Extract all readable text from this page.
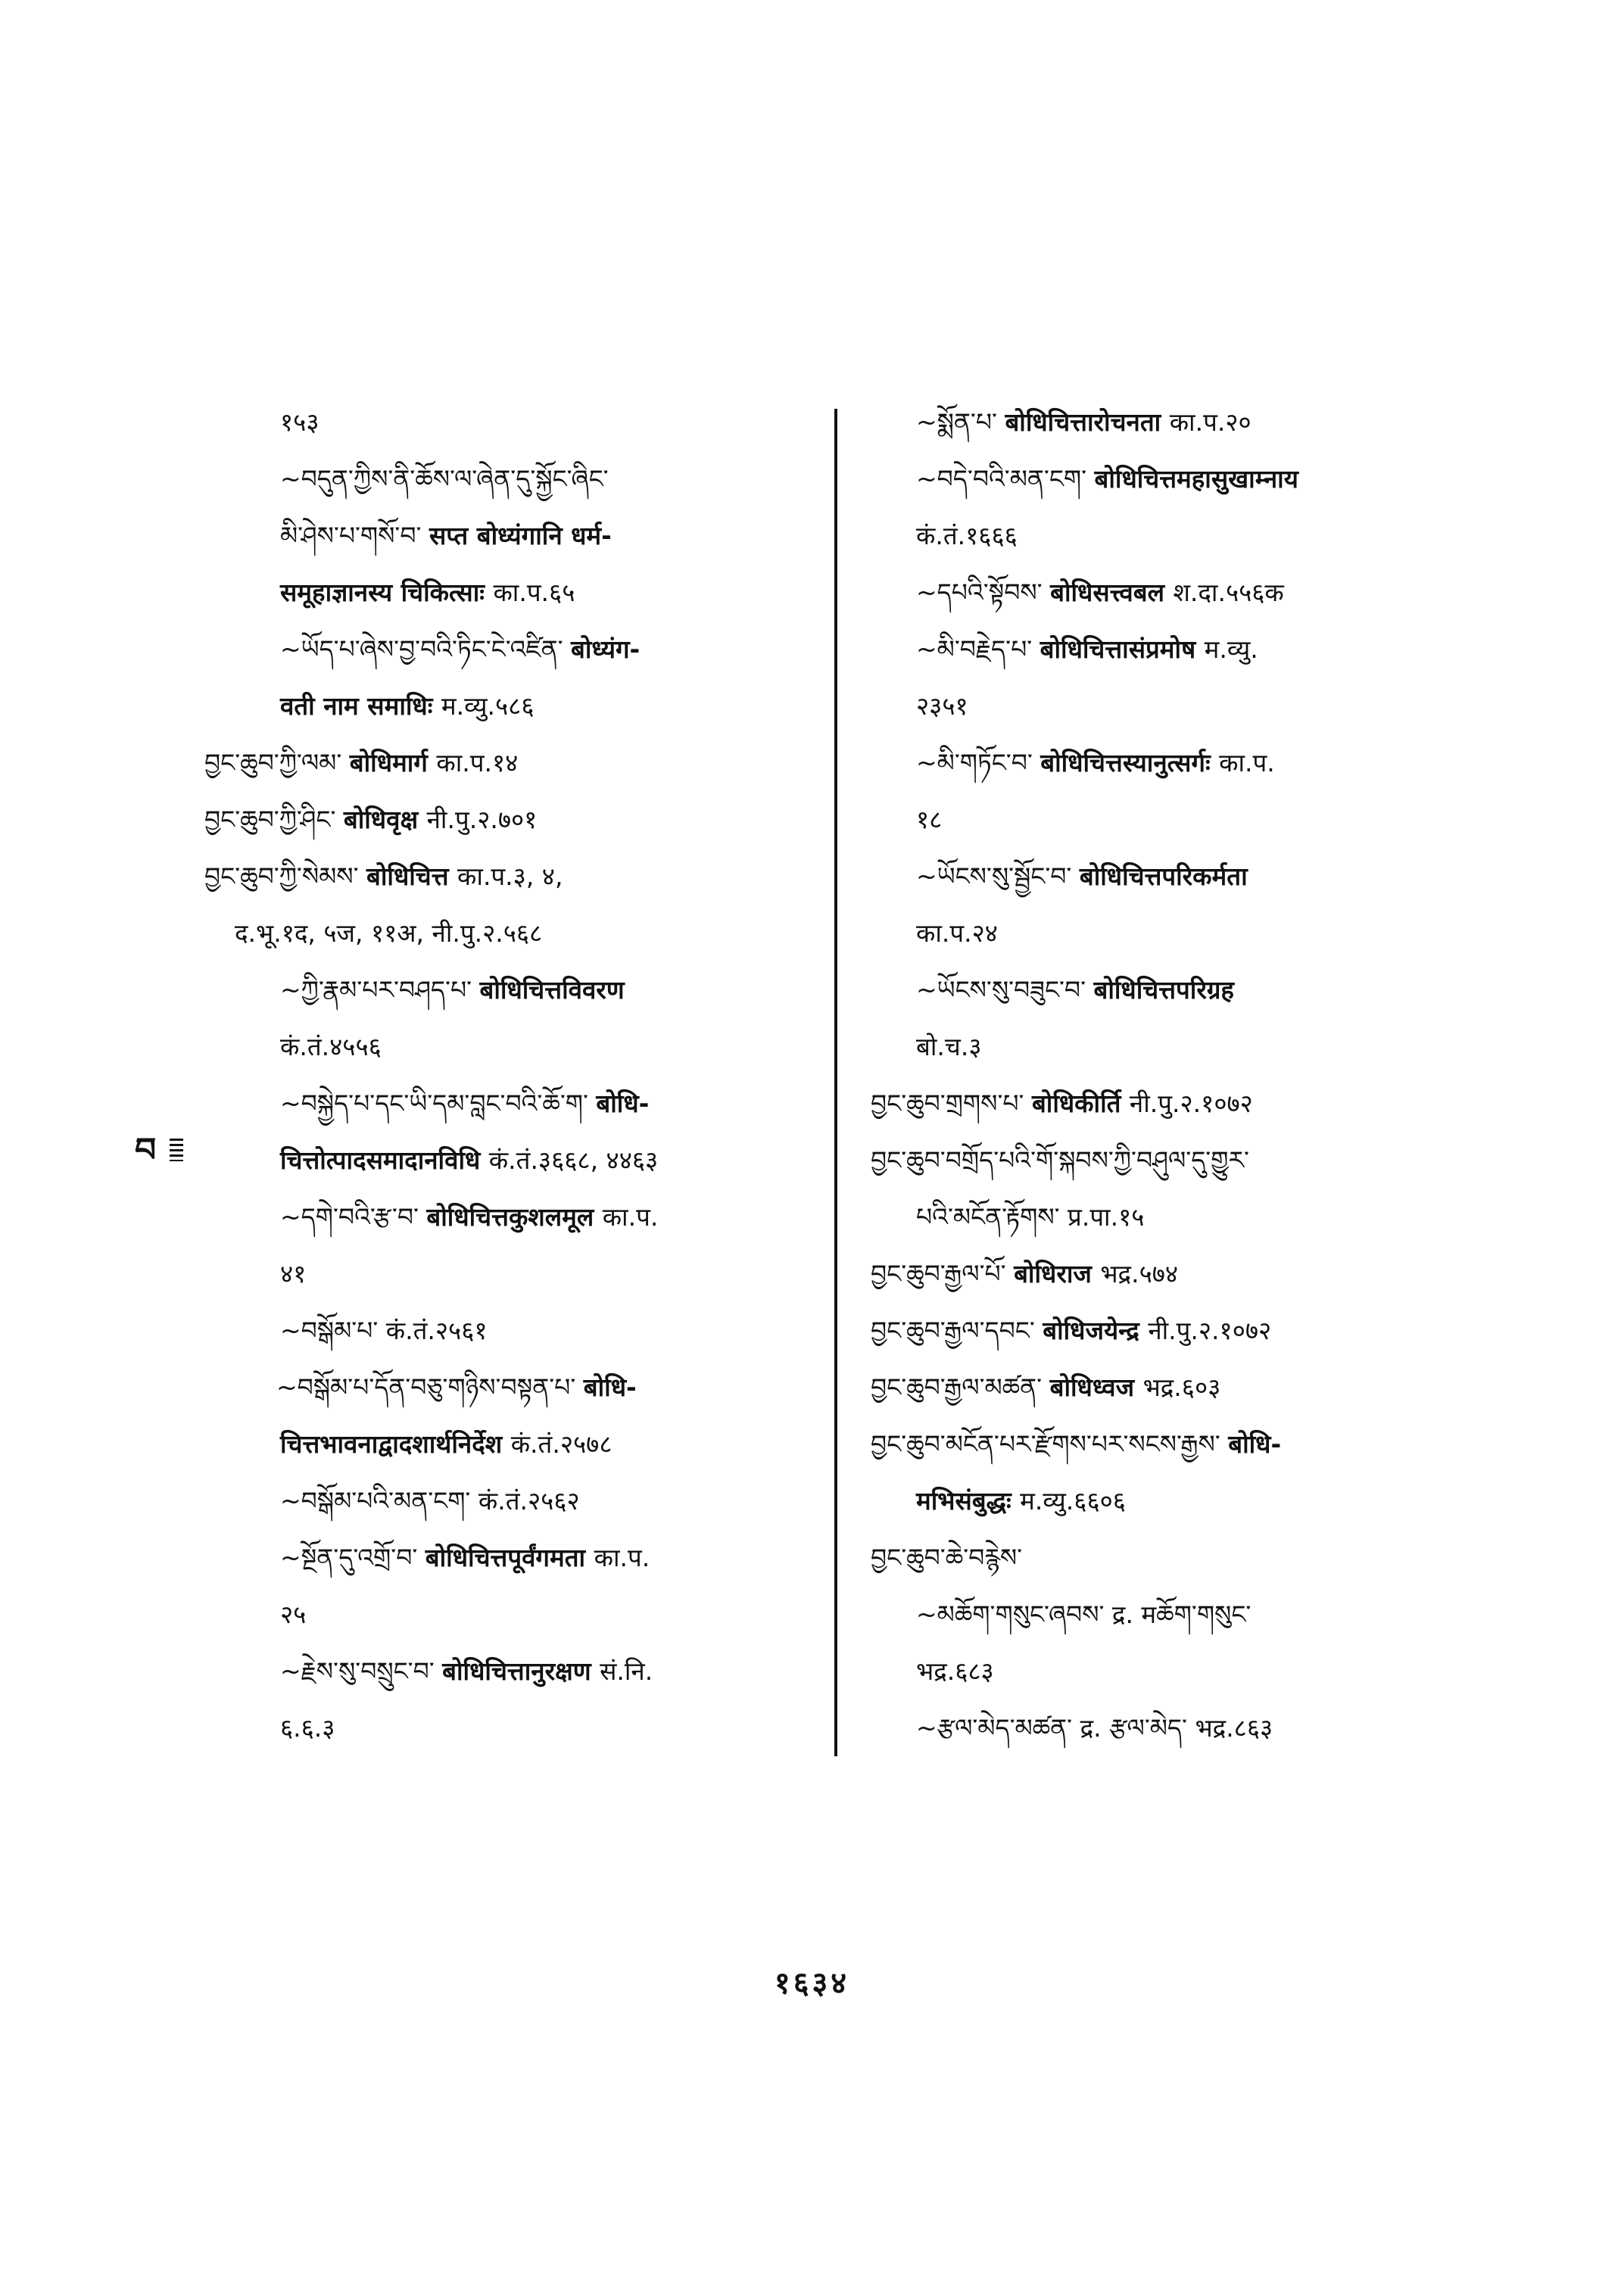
१५३
~བདུན་ཀྱིས་ནི་ཆོས་ལ་ཞེན་དུ་སྐྱོང་ཞིང་
མི་ཤེས་པ་གསོ་བ་ सप्त बोध्यंगानि धर्म-
समूहाज्ञानस्य चिकित्साः का.प.६५
~ཡོད་པ་ཞེས་བྱ་བའི་ཏིང་ངེ་འཛིན་ बोध्यंग-
वती नाम समाधिः म.व्यु.५८६
བྱང་ཆུབ་ཀྱི་ལམ་ बोधिमार्ग का.प.१४
བྱང་ཆུབ་ཀྱི་ཤིང་ बोधिवृक्ष नी.पु.२.७०१
བྱང་ཆུབ་ཀྱི་སེམས་ बोधिचित्त का.प.३, ४,
द.भू.१द, ५ज, ११अ, नी.पु.२.५६८
~ཀྱི་རྣམ་པར་བཤད་པ་ बोधिचित्तविवरण
कं.तं.४५५६
~བསྐྱེད་པ་དང་ཡི་དམ་བླང་བའི་ཆོ་ག་ बोधि-
चित्तोत्पादसमादानविधि कं.तं.३६६८, ४४६३
~དགེ་བའི་རྩ་བ་ बोधिचित्तकुशलमूल का.प.
४१
~བསྒོམ་པ་ कं.तं.२५६१
~བསྒོམ་པ་དོན་བཅུ་གཉིས་བསྟན་པ་ बोधि-
चित्तभावनाद्वादशार्थनिर्देश कं.तं.२५७८
~བསྒོམ་པའི་མན་ངག་ कं.तं.२५६२
~སྔོན་དུ་འགྲོ་བ་ बोधिचित्तपूर्वंगमता का.प.
२५
~རྗེས་སུ་བསྲུང་བ་ बोधिचित्तानुरक्षण सं.नि.
६.६.३
~སྨོན་པ་ बोधिचित्तारोचनता का.प.२०
~བདེ་བའི་མན་ངག་ बोधिचित्तमहासुखाम्नाय
कं.तं.१६६६
~དཔའི་སྟོབས་ बोधिसत्त्वबल श.दा.५५६क
~མི་བརྗེད་པ་ बोधिचित्तासंप्रमोष म.व्यु.
२३५१
~མི་གཏོང་བ་ बोधिचित्तस्यानुत्सर्गः का.प.
१८
~ཡོངས་སུ་སྦྱོང་བ་ बोधिचित्तपरिकर्मता
का.प.२४
~ཡོངས་སུ་བཟུང་བ་ बोधिचित्तपरिग्रह
बो.च.३
བྱང་ཆུབ་གྲགས་པ་ बोधिकीर्ति नी.पु.२.१०७२
བྱང་ཆུབ་བགྲོད་པའི་གོ་སྐབས་ཀྱི་བཤུལ་དུ་གྱུར་
པའི་མངོན་རྟོགས་ प्र.पा.१५
བྱང་ཆུབ་རྒྱལ་པོ་ बोधिराज भद्र.५७४
བྱང་ཆུབ་རྒྱལ་དབང་ बोधिजयेन्द्र नी.पु.२.१०७२
བྱང་ཆུབ་རྒྱལ་མཚན་ बोधिध्वज भद्र.६०३
བྱང་ཆུབ་མངོན་པར་རྫོགས་པར་སངས་རྒྱས་ बोधि-
मभिसंबुद्धः म.व्यु.६६०६
བྱང་ཆུབ་ཆེ་བརྙེས་
~མཆོག་གསུང་ཞབས་ द्र. मཆོག་གསུང་
भद्र.६८३
~རྩལ་མེད་མཚན་ द्र. རྩལ་མེད་ भद्र.८६३
བ
१६३४
